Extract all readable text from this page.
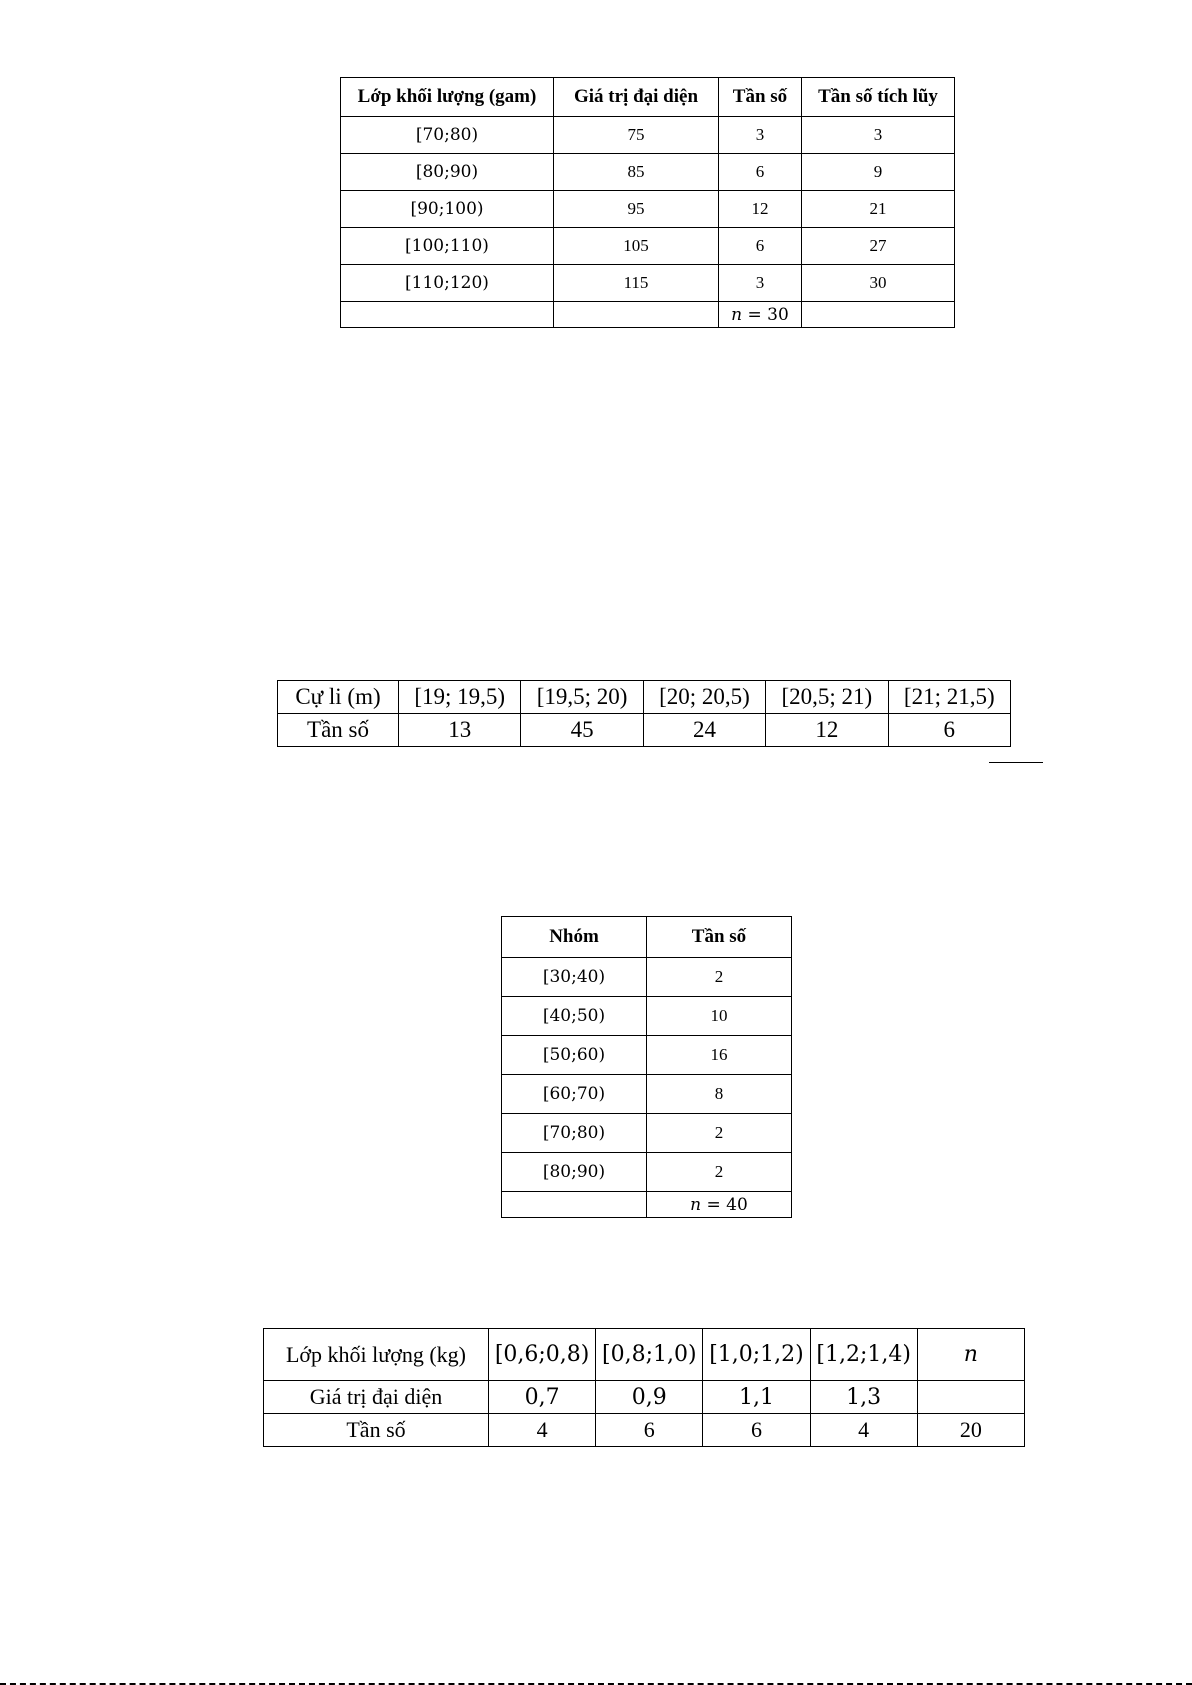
Lớp khối lượng (gam)	Giá trị đại diện	Tần số	Tần số tích lũy
[70;80)	75	3	3
[80;90)	85	6	9
[90;100)	95	12	21
[100;110)	105	6	27
[110;120)	115	3	30
		n = 30	
Cự li (m)	[19; 19,5)	[19,5; 20)	[20; 20,5)	[20,5; 21)	[21; 21,5)
Tần số	13	45	24	12	6
Nhóm	Tần số
[30;40)	2
[40;50)	10
[50;60)	16
[60;70)	8
[70;80)	2
[80;90)	2
	n = 40
Lớp khối lượng (kg)	[0,6;0,8)	[0,8;1,0)	[1,0;1,2)	[1,2;1,4)	n
Giá trị đại diện	0,7	0,9	1,1	1,3	
Tần số	4	6	6	4	20
